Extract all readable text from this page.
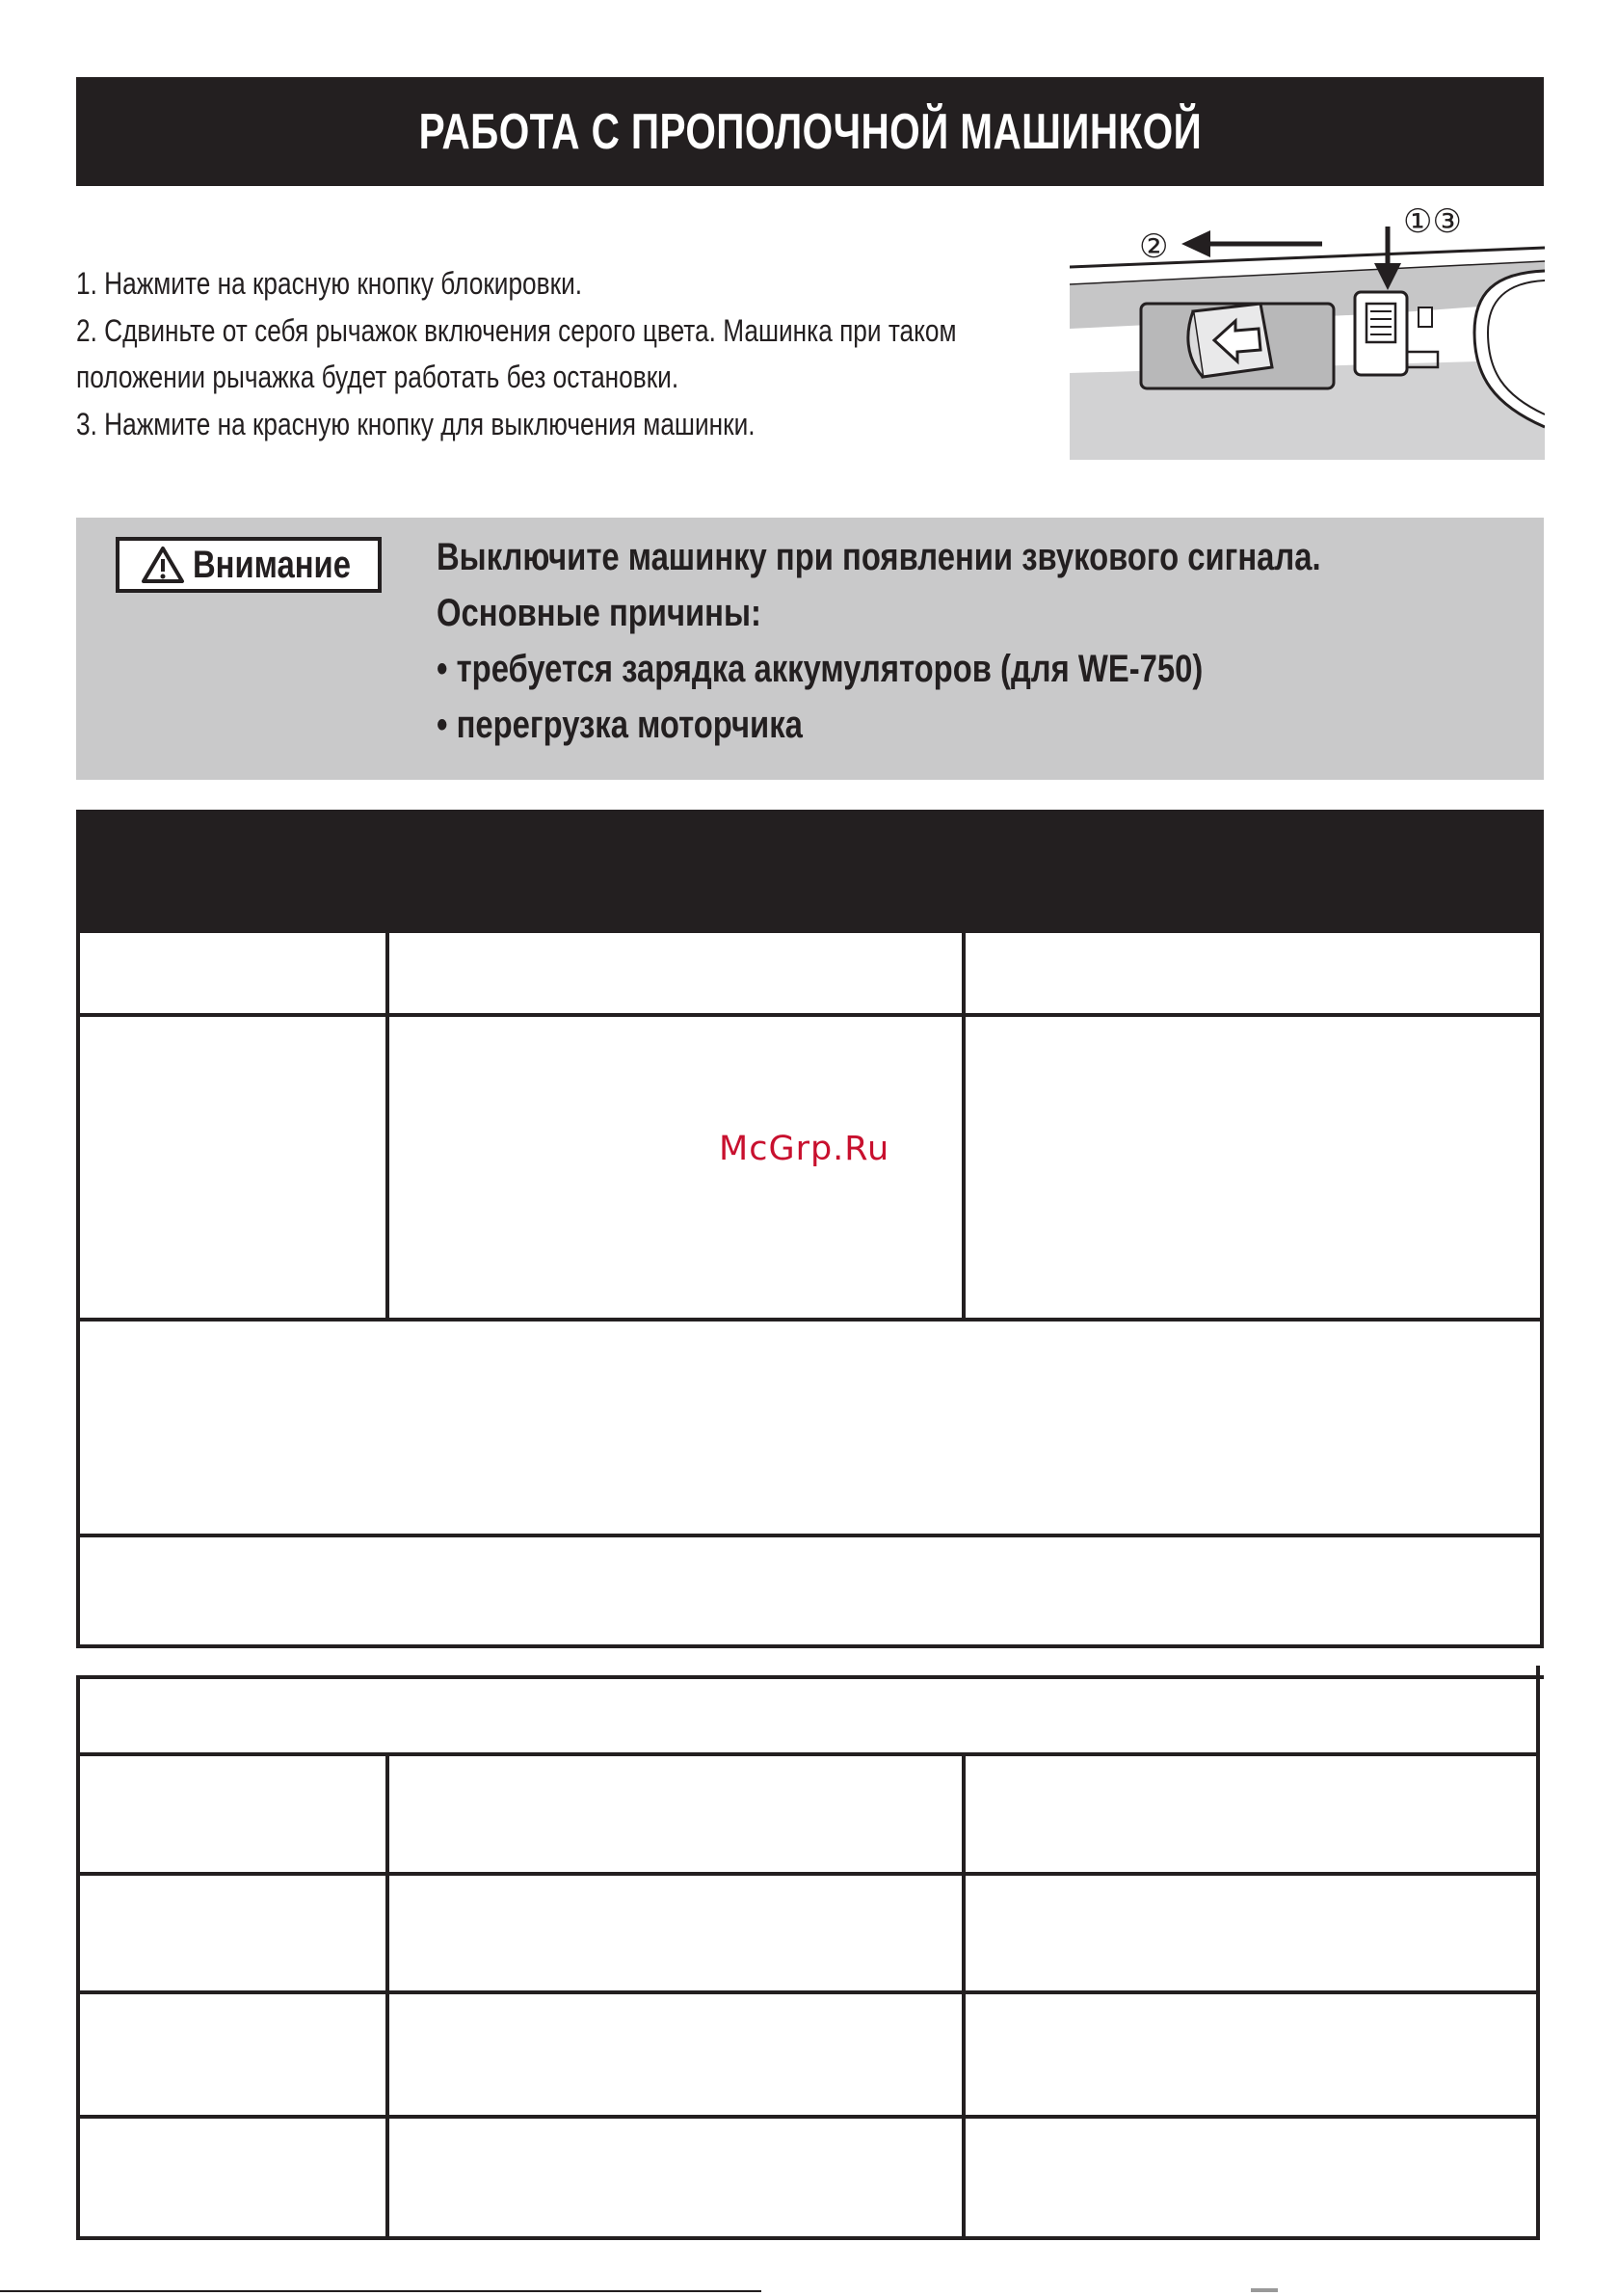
РАБОТА С ПРОПОЛОЧНОЙ МАШИНКОЙ
1. Нажмите на красную кнопку блокировки.
2. Сдвиньте от себя рычажок включения серого цвета. Машинка при таком
положении рычажка будет работать без остановки.
3. Нажмите на красную кнопку для выключения машинки.
②
①③
Внимание Выключите машинку при появлении звукового сигнала.
Основные причины:
• требуется зарядка аккумуляторов (для WE-750)
• перегрузка моторчика
McGrp.Ru
